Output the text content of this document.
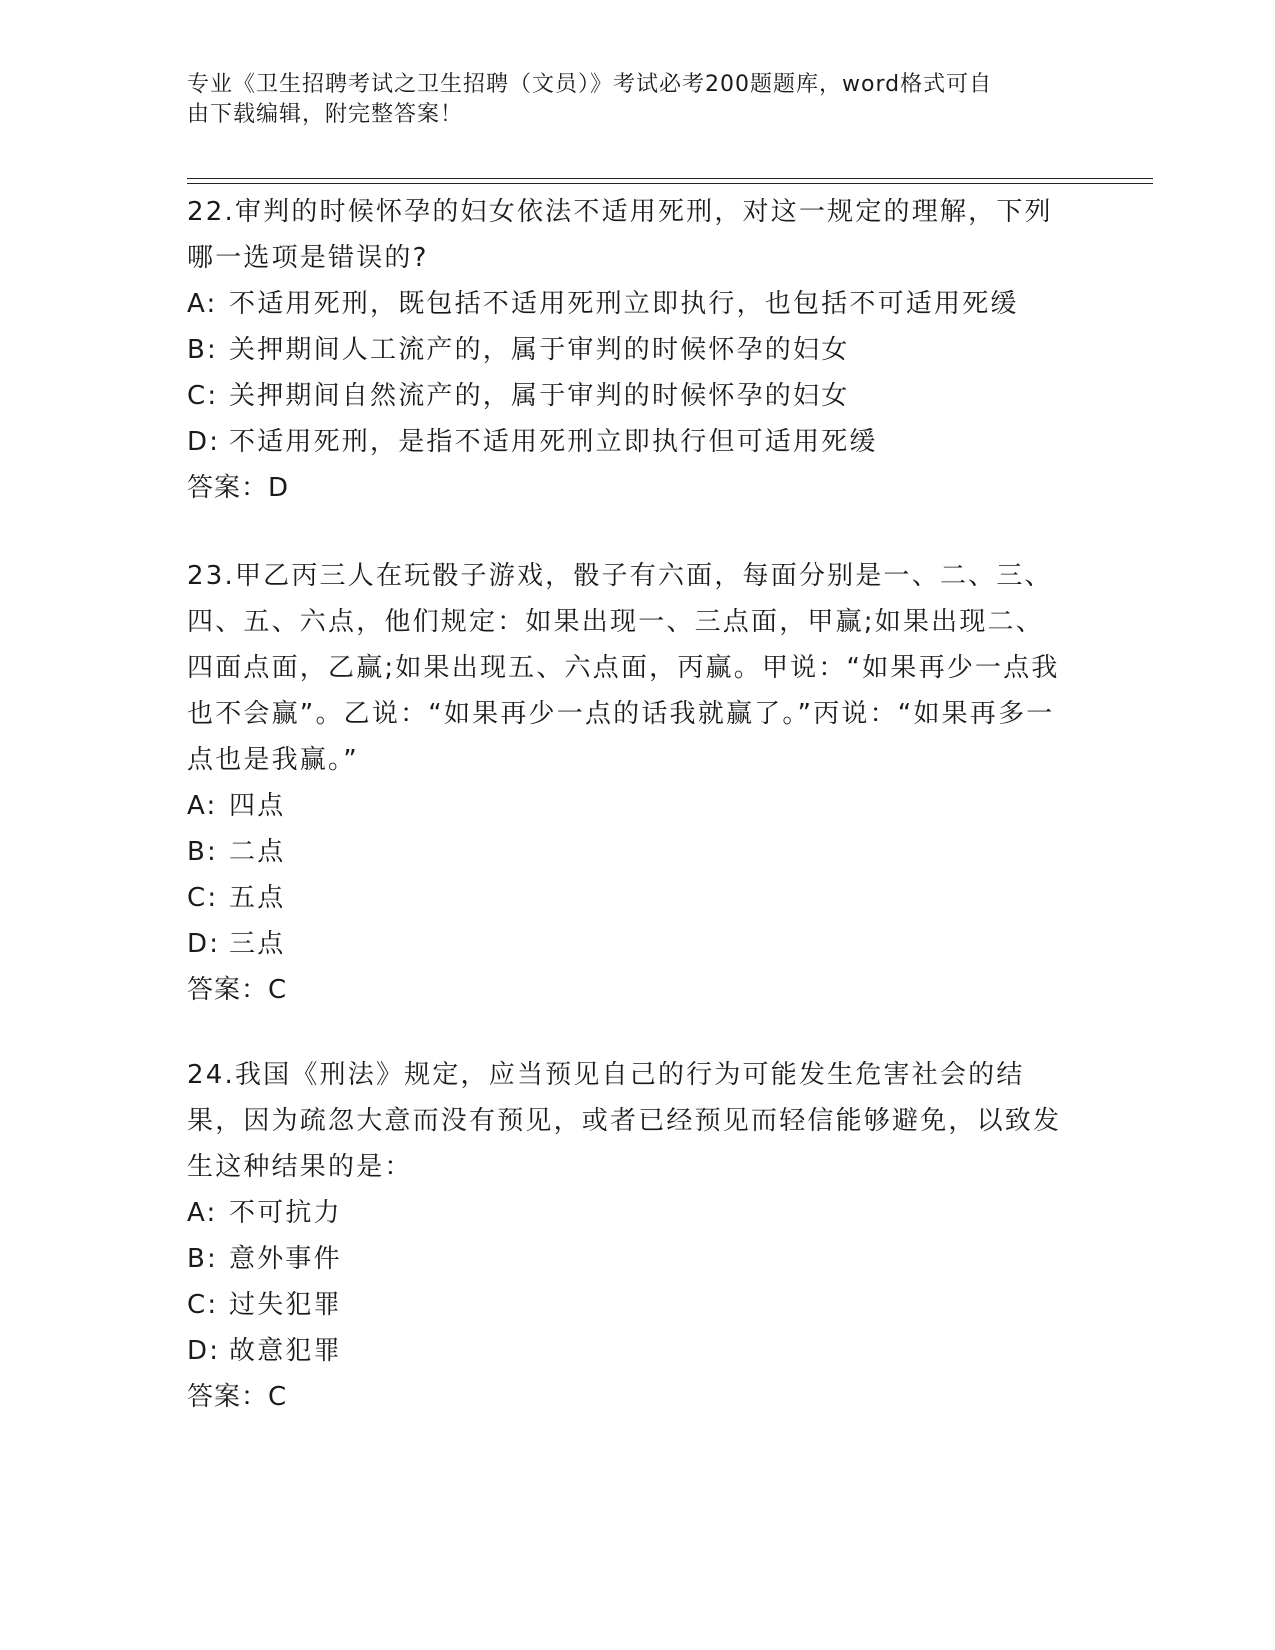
专业《卫生招聘考试之卫生招聘（文员）》考试必考200题题库，word格式可自
由下载编辑，附完整答案！

22.审判的时候怀孕的妇女依法不适用死刑，对这一规定的理解，下列哪一选项是错误的?

A: 不适用死刑，既包括不适用死刑立即执行，也包括不可适用死缓

B: 关押期间人工流产的，属于审判的时候怀孕的妇女

C: 关押期间自然流产的，属于审判的时候怀孕的妇女

D: 不适用死刑，是指不适用死刑立即执行但可适用死缓

答案：D

23.甲乙丙三人在玩骰子游戏，骰子有六面，每面分别是一、二、三、四、五、六点，他们规定：如果出现一、三点面，甲赢;如果出现二、四面点面，乙赢;如果出现五、六点面，丙赢。甲说：“如果再少一点我也不会赢”。乙说：“如果再少一点的话我就赢了。”丙说：“如果再多一点也是我赢。”

A: 四点

B: 二点

C: 五点

D: 三点

答案：C

24.我国《刑法》规定，应当预见自己的行为可能发生危害社会的结果，因为疏忽大意而没有预见，或者已经预见而轻信能够避免，以致发生这种结果的是：

A: 不可抗力

B: 意外事件

C: 过失犯罪

D: 故意犯罪

答案：C
